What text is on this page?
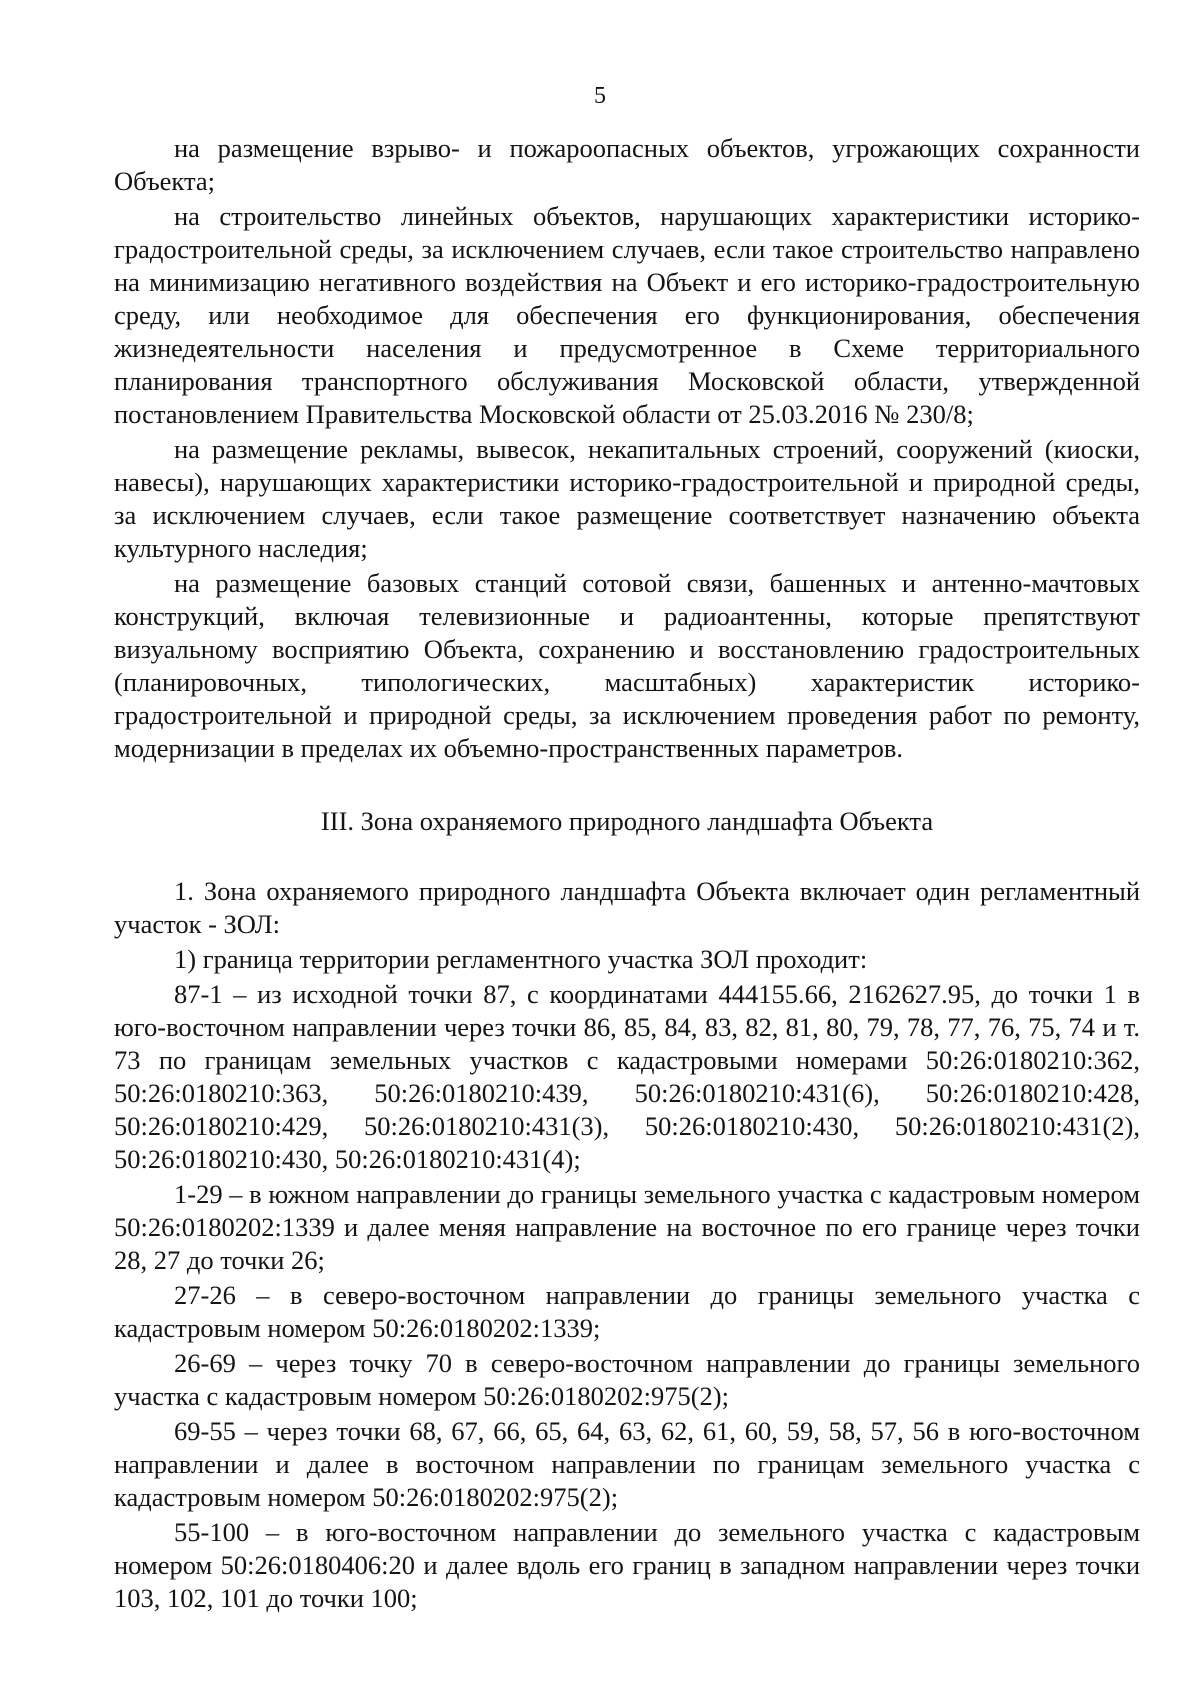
5

на размещение взрыво- и пожароопасных объектов, угрожающих сохранности Объекта;

на строительство линейных объектов, нарушающих характеристики историко-градостроительной среды, за исключением случаев, если такое строительство направлено на минимизацию негативного воздействия на Объект и его историко-градостроительную среду, или необходимое для обеспечения его функционирования, обеспечения жизнедеятельности населения и предусмотренное в Схеме территориального планирования транспортного обслуживания Московской области, утвержденной постановлением Правительства Московской области от 25.03.2016 № 230/8;

на размещение рекламы, вывесок, некапитальных строений, сооружений (киоски, навесы), нарушающих характеристики историко-градостроительной и природной среды, за исключением случаев, если такое размещение соответствует назначению объекта культурного наследия;

на размещение базовых станций сотовой связи, башенных и антенно-мачтовых конструкций, включая телевизионные и радиоантенны, которые препятствуют визуальному восприятию Объекта, сохранению и восстановлению градостроительных (планировочных, типологических, масштабных) характеристик историко-градостроительной и природной среды, за исключением проведения работ по ремонту, модернизации в пределах их объемно-пространственных параметров.

III. Зона охраняемого природного ландшафта Объекта

1. Зона охраняемого природного ландшафта Объекта включает один регламентный участок - ЗОЛ:

1) граница территории регламентного участка ЗОЛ проходит:

87-1 – из исходной точки 87, с координатами 444155.66, 2162627.95, до точки 1 в юго-восточном направлении через точки 86, 85, 84, 83, 82, 81, 80, 79, 78, 77, 76, 75, 74 и т. 73 по границам земельных участков с кадастровыми номерами 50:26:0180210:362, 50:26:0180210:363, 50:26:0180210:439, 50:26:0180210:431(6), 50:26:0180210:428, 50:26:0180210:429, 50:26:0180210:431(3), 50:26:0180210:430, 50:26:0180210:431(2), 50:26:0180210:430, 50:26:0180210:431(4);

1-29 – в южном направлении до границы земельного участка с кадастровым номером 50:26:0180202:1339 и далее меняя направление на восточное по его границе через точки 28, 27 до точки 26;

27-26 – в северо-восточном направлении до границы земельного участка с кадастровым номером 50:26:0180202:1339;

26-69 – через точку 70 в северо-восточном направлении до границы земельного участка с кадастровым номером 50:26:0180202:975(2);

69-55 – через точки 68, 67, 66, 65, 64, 63, 62, 61, 60, 59, 58, 57, 56 в юго-восточном направлении и далее в восточном направлении по границам земельного участка с кадастровым номером 50:26:0180202:975(2);

55-100 – в юго-восточном направлении до земельного участка с кадастровым номером 50:26:0180406:20 и далее вдоль его границ в западном направлении через точки 103, 102, 101 до точки 100;
